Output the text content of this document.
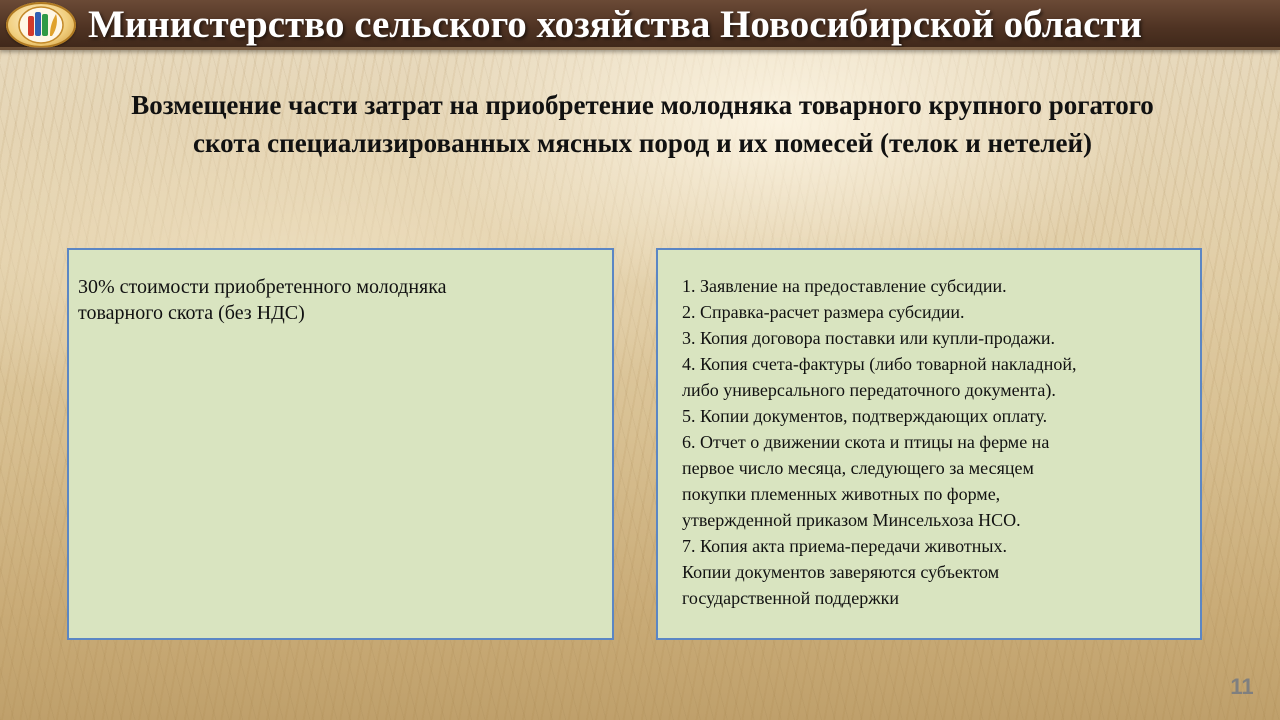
Министерство сельского хозяйства Новосибирской области
Возмещение части затрат на приобретение молодняка товарного крупного рогатого
скота специализированных мясных пород и их помесей (телок и нетелей)
30% стоимости приобретенного молодняка
товарного скота (без НДС)
1. Заявление на предоставление субсидии.
2. Справка-расчет размера субсидии.
3. Копия договора поставки или купли-продажи.
4. Копия счета-фактуры (либо товарной накладной,
либо универсального передаточного документа).
5. Копии документов, подтверждающих оплату.
6. Отчет о движении скота и птицы на ферме на
первое число месяца, следующего за месяцем
покупки племенных животных по форме,
утвержденной приказом Минсельхоза НСО.
7. Копия акта приема-передачи животных.
Копии документов заверяются субъектом
государственной поддержки
11
